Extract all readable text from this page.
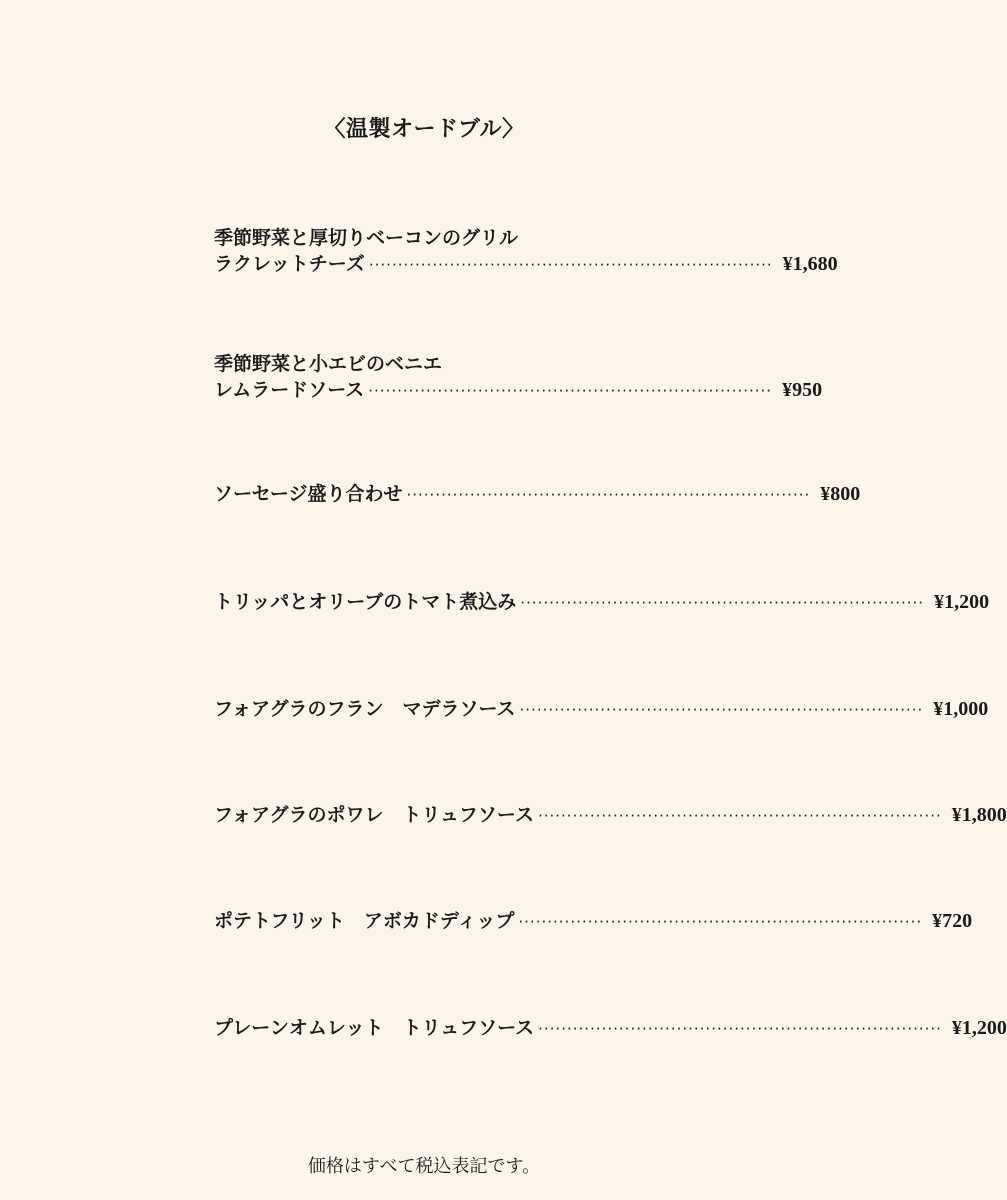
〈温製オードブル〉
季節野菜と厚切りベーコンのグリル
ラクレットチーズ ······································································ ¥1,680
季節野菜と小エビのベニエ
レムラードソース ······································································ ¥950
ソーセージ盛り合わせ ······································································ ¥800
トリッパとオリーブのトマト煮込み ······································································ ¥1,200
フォアグラのフラン　マデラソース ······································································ ¥1,000
フォアグラのポワレ　トリュフソース ······································································ ¥1,800
ポテトフリット　アボカドディップ ······································································ ¥720
プレーンオムレット　トリュフソース ······································································ ¥1,200
価格はすべて税込表記です。
